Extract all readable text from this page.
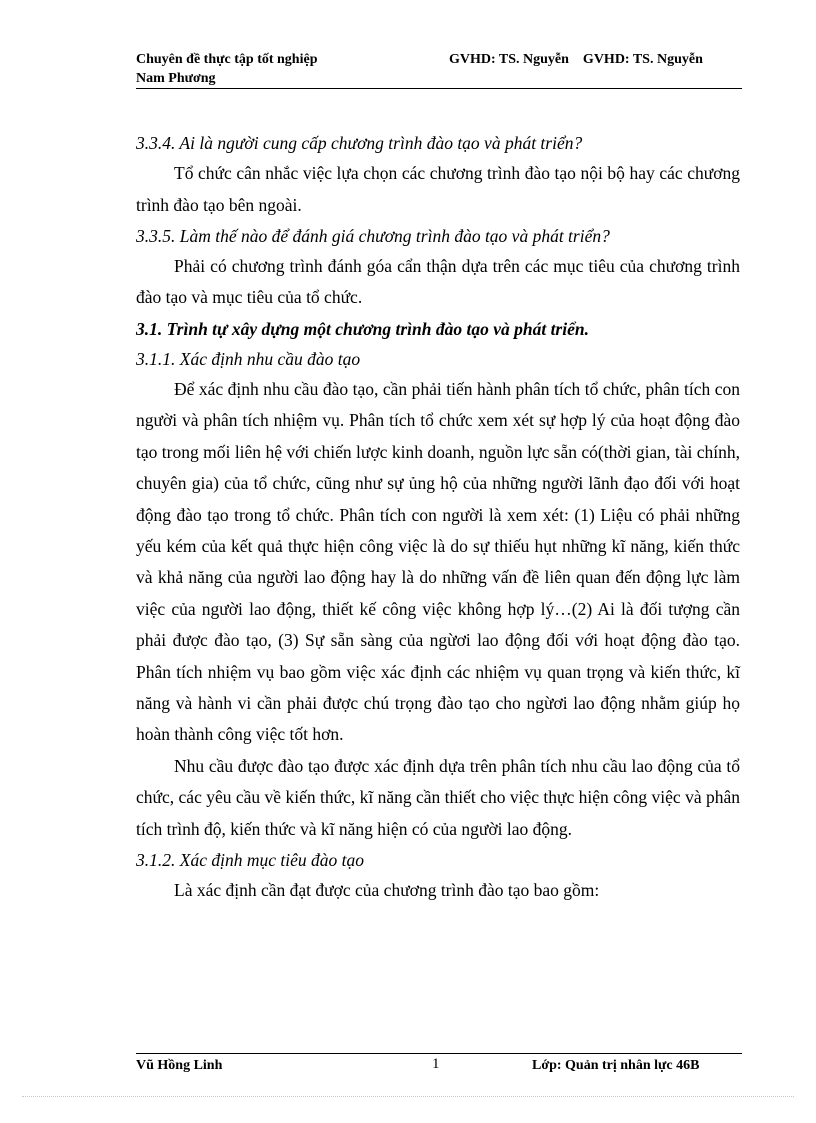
Chuyên đề thực tập tốt nghiệp
Nam Phương
GVHD: TS. Nguyễn    GVHD: TS. Nguyễn
3.3.4. Ai là người cung cấp chương trình đào tạo và phát triển?

Tổ chức cân nhắc việc lựa chọn các chương trình đào tạo nội bộ hay các chương trình đào tạo bên ngoài.

3.3.5. Làm thế nào để đánh giá chương trình đào tạo và phát triển?

Phải có chương trình đánh góa cẩn thận dựa trên các mục tiêu của chương trình đào tạo và mục tiêu của tổ chức.

3.1. Trình tự xây dựng một chương trình đào tạo và phát triển.
3.1.1. Xác định nhu cầu đào tạo

Để xác định nhu cầu đào tạo, cần phải tiến hành phân tích tổ chức, phân tích con người và phân tích nhiệm vụ. Phân tích tổ chức xem xét sự hợp lý của hoạt động đào tạo trong mối liên hệ với chiến lược kinh doanh, nguồn lực sẵn có(thời gian, tài chính, chuyên gia) của tổ chức, cũng như sự ủng hộ của những người lãnh đạo đối với hoạt động đào tạo trong tổ chức. Phân tích con người là xem xét: (1) Liệu có phải những yếu kém của kết quả thực hiện công việc là do sự thiếu hụt những kĩ năng, kiến thức và khả năng của người lao động hay là do những vấn đề liên quan đến động lực làm việc của người lao động, thiết kế công việc không hợp lý…(2) Ai là đối tượng cần phải được đào tạo, (3) Sự sẵn sàng của ngừơi lao động đối với hoạt động đào tạo. Phân tích nhiệm vụ bao gồm việc xác định các nhiệm vụ quan trọng và kiến thức, kĩ năng và hành vi cần phải được chú trọng đào tạo cho ngừơi lao động nhằm giúp họ hoàn thành công việc tốt hơn.

Nhu cầu được đào tạo được xác định dựa trên phân tích nhu cầu lao động của tổ chức, các yêu cầu về kiến thức, kĩ năng cần thiết cho việc thực hiện công việc và phân tích trình độ, kiến thức và kĩ năng hiện có của người lao động.

3.1.2. Xác định mục tiêu đào tạo

Là xác định cần đạt được của chương trình đào tạo bao gồm:

Vũ Hồng Linh	1	Lớp: Quản trị nhân lực 46B
